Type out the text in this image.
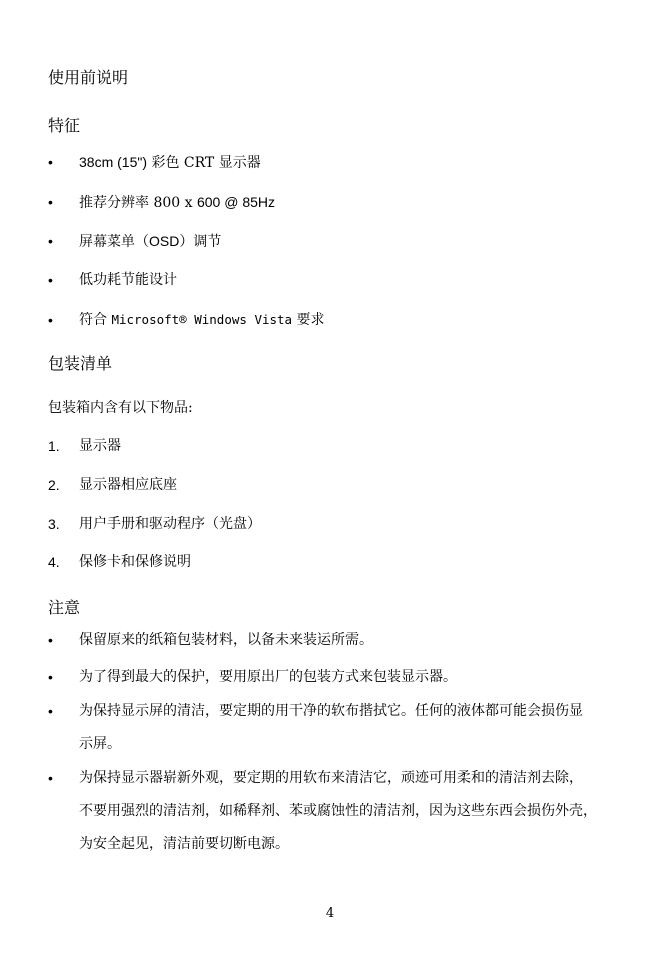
使用前说明
特征
•	38cm (15") 彩色 CRT 显示器
•	推荐分辨率 800 x 600 @ 85Hz
•	屏幕菜单（OSD）调节
•	低功耗节能设计
•	符合 Microsoft® Windows Vista 要求
包装清单
包装箱内含有以下物品:
1. 显示器
2. 显示器相应底座
3. 用户手册和驱动程序（光盘）
4. 保修卡和保修说明
注意
•	保留原来的纸箱包装材料，以备未来装运所需。
•	为了得到最大的保护，要用原出厂的包装方式来包装显示器。
•	为保持显示屏的清洁，要定期的用干净的软布揩拭它。任何的液体都可能会损伤显
示屏。
•	为保持显示器崭新外观，要定期的用软布来清洁它，顽迹可用柔和的清洁剂去除，
不要用强烈的清洁剂，如稀释剂、苯或腐蚀性的清洁剂，因为这些东西会损伤外壳，
为安全起见，清洁前要切断电源。
4
